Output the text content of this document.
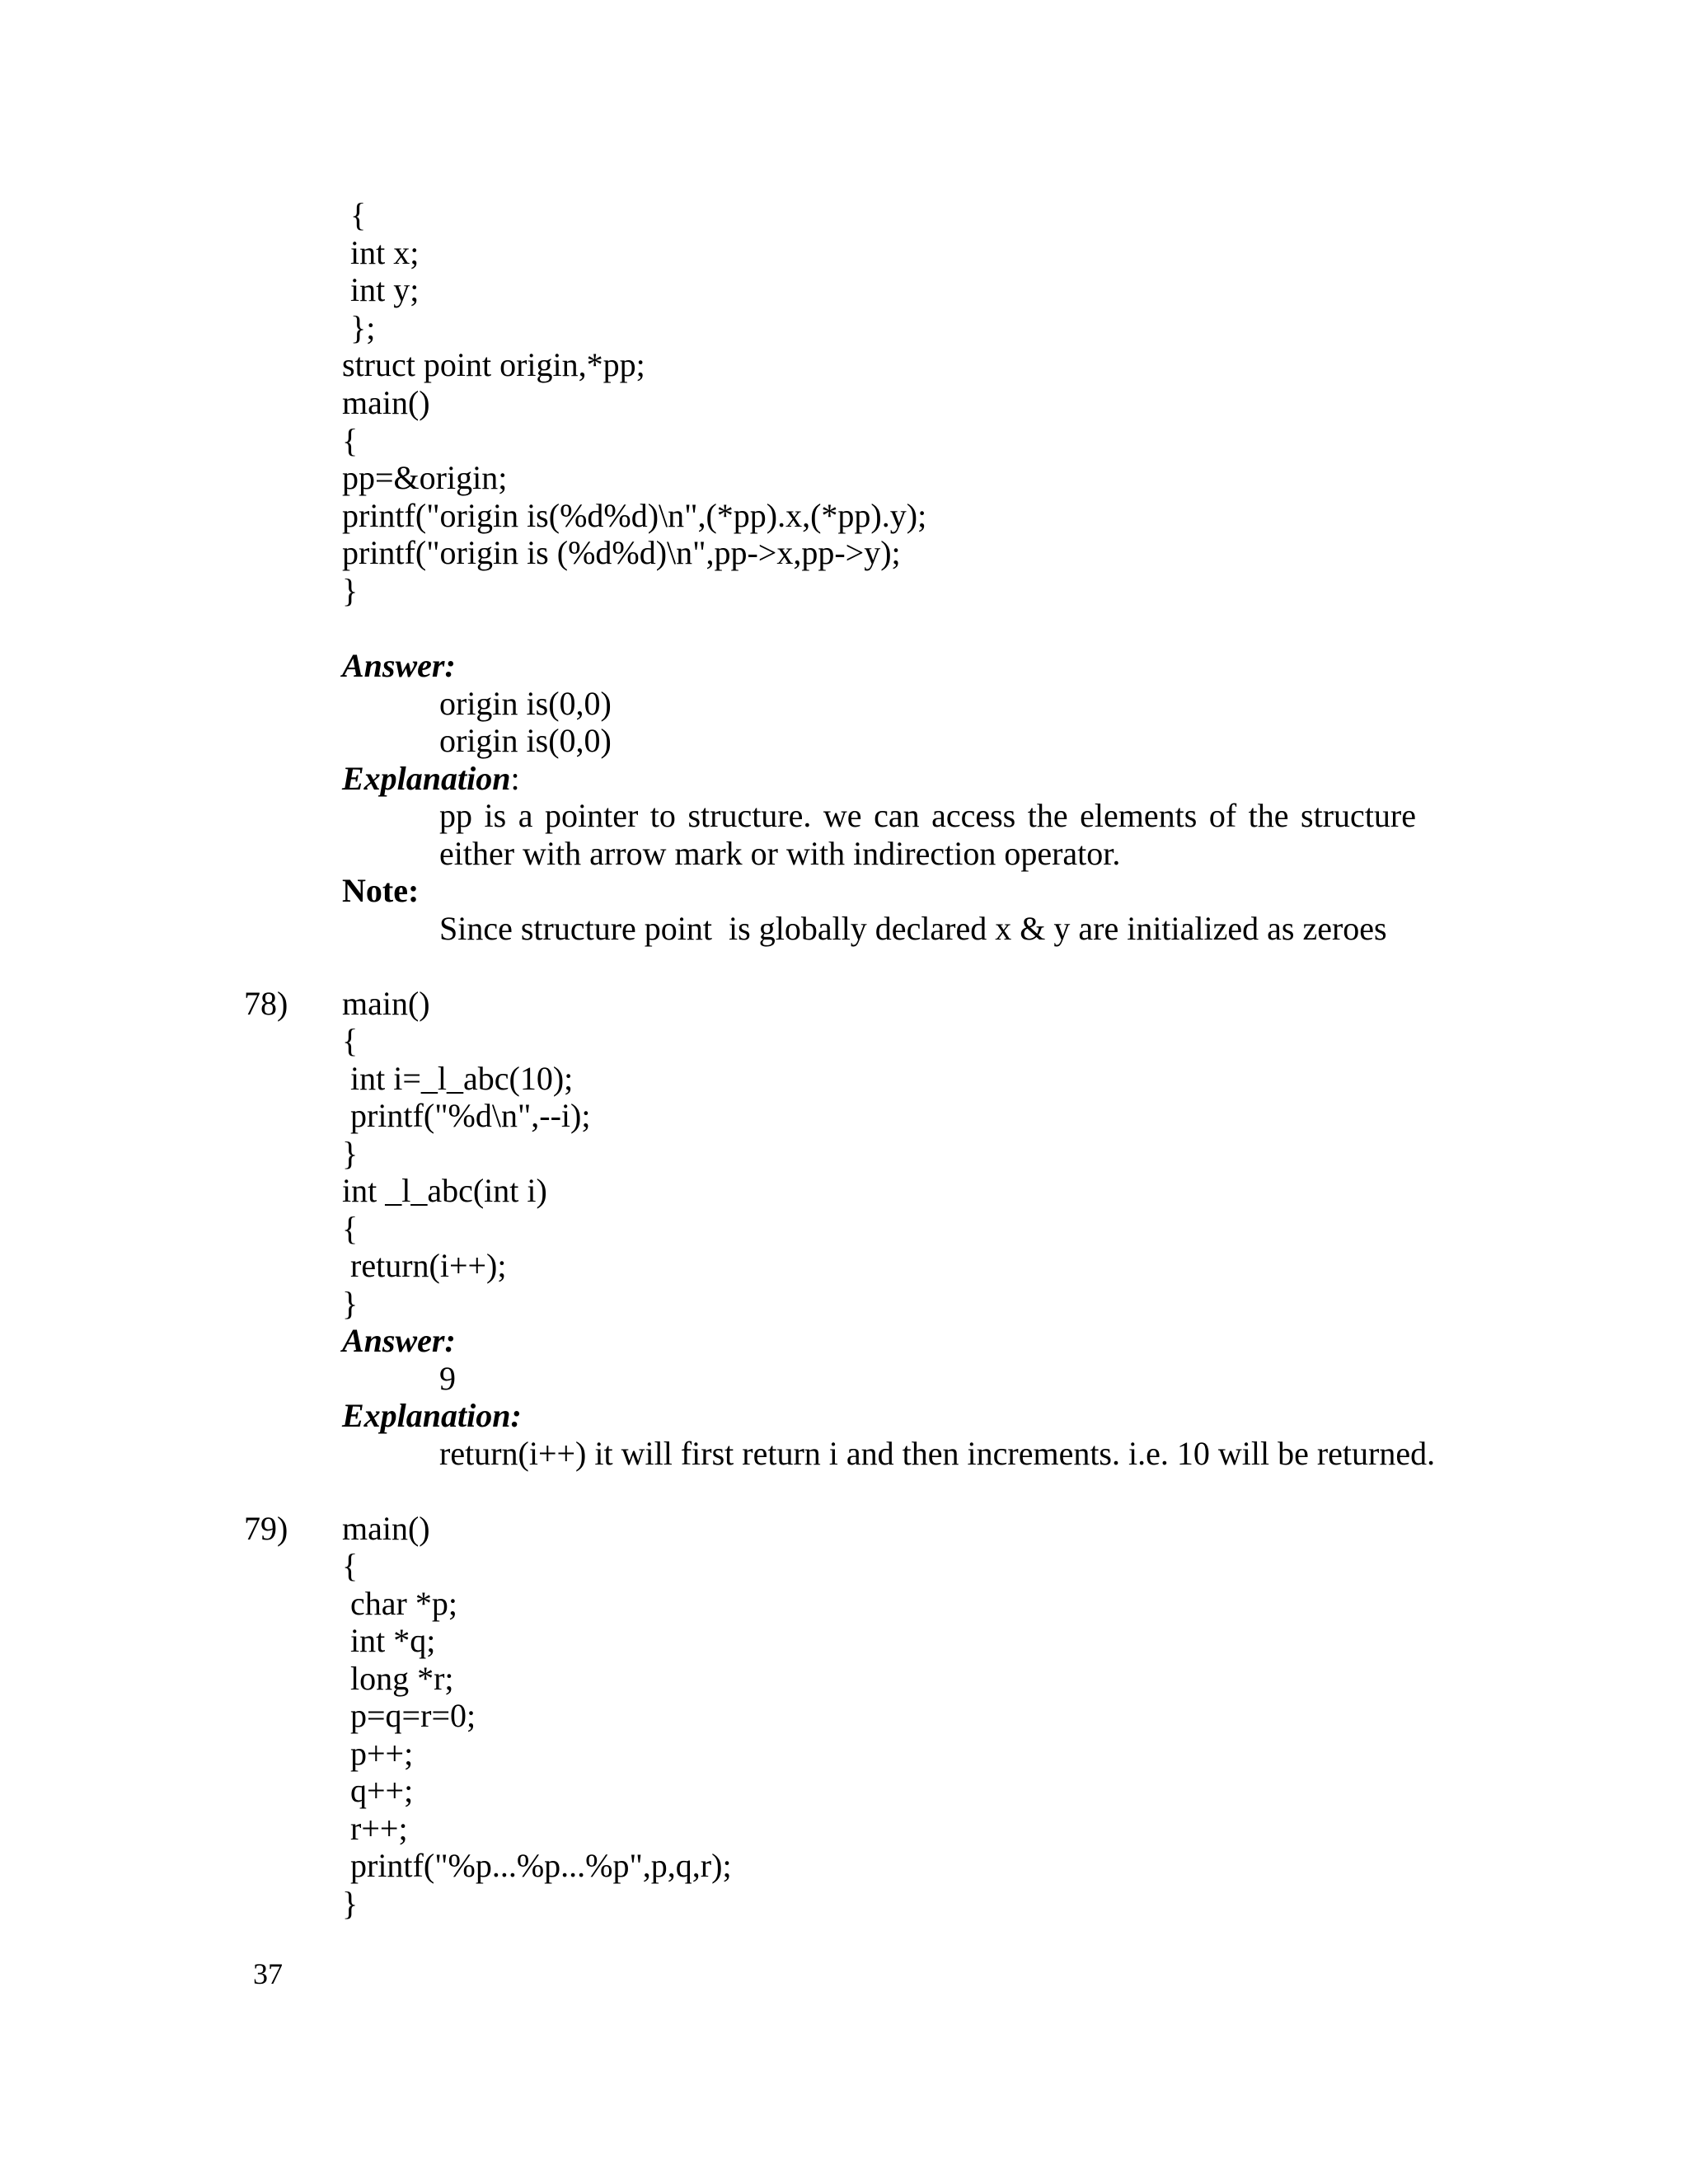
{
int x;
int y;
};
struct point origin,*pp;
main()
{
pp=&origin;
printf("origin is(%d%d)\n",(*pp).x,(*pp).y);
printf("origin is (%d%d)\n",pp->x,pp->y);
}
Answer:
origin is(0,0)
origin is(0,0)
Explanation:
pp is a pointer to structure. we can access the elements of the structure either with arrow mark or with indirection operator.
Note:
Since structure point  is globally declared x & y are initialized as zeroes
78) main()
{
int i=_l_abc(10);
printf("%d\n",--i);
}
int _l_abc(int i)
{
return(i++);
}
Answer:
9
Explanation:
return(i++) it will first return i and then increments. i.e. 10 will be returned.
79) main()
{
char *p;
int *q;
long *r;
p=q=r=0;
p++;
q++;
r++;
printf("%p...%p...%p",p,q,r);
}
37
